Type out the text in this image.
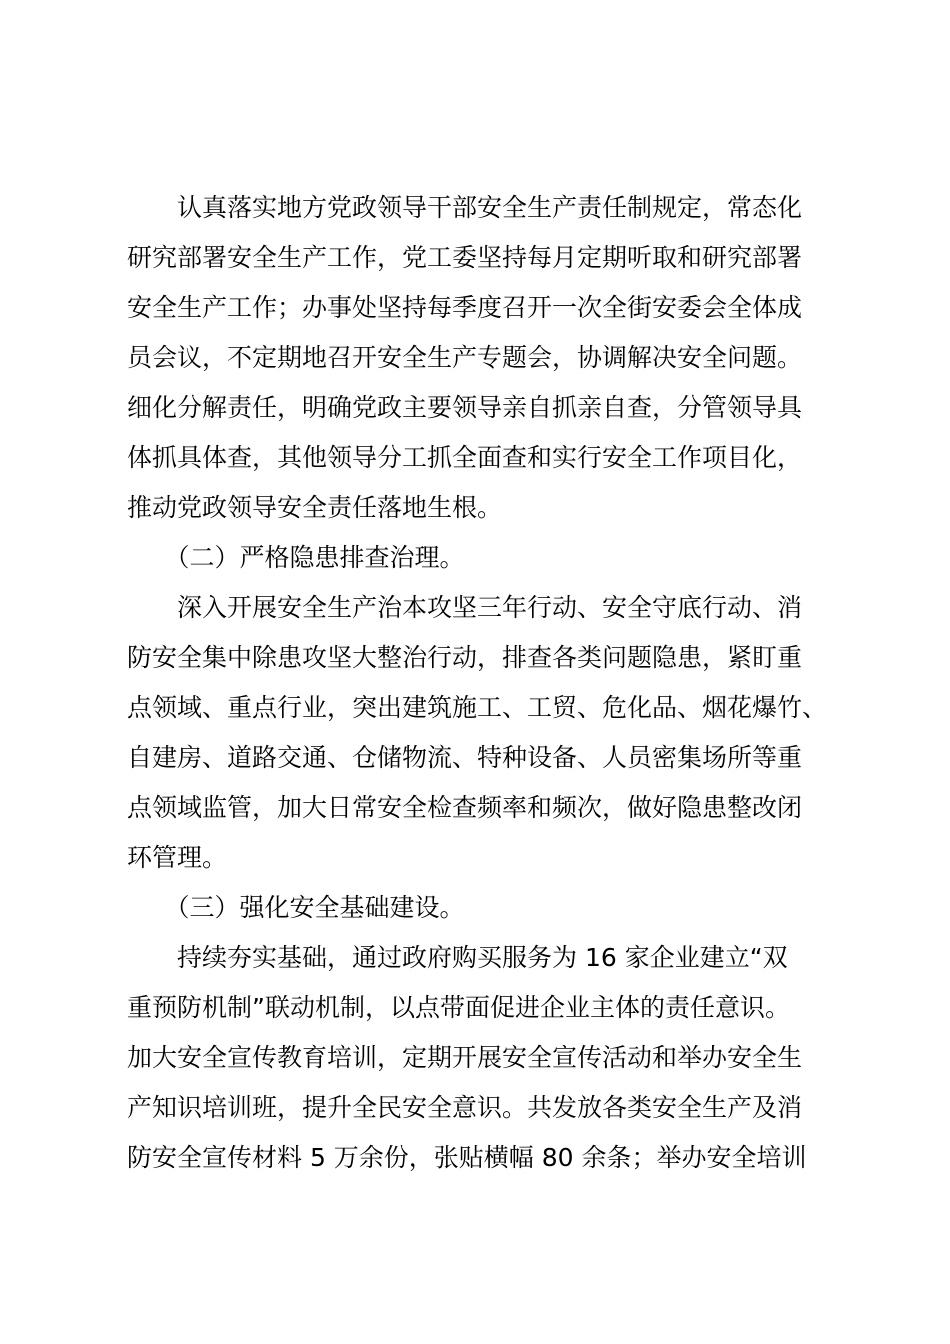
　　认真落实地方党政领导干部安全生产责任制规定，常态化
研究部署安全生产工作，党工委坚持每月定期听取和研究部署
安全生产工作；办事处坚持每季度召开一次全街安委会全体成
员会议，不定期地召开安全生产专题会，协调解决安全问题。
细化分解责任，明确党政主要领导亲自抓亲自查，分管领导具
体抓具体查，其他领导分工抓全面查和实行安全工作项目化，
推动党政领导安全责任落地生根。

　　（二）严格隐患排查治理。

　　深入开展安全生产治本攻坚三年行动、安全守底行动、消
防安全集中除患攻坚大整治行动，排查各类问题隐患，紧盯重
点领域、重点行业，突出建筑施工、工贸、危化品、烟花爆竹、
自建房、道路交通、仓储物流、特种设备、人员密集场所等重
点领域监管，加大日常安全检查频率和频次，做好隐患整改闭
环管理。

　　（三）强化安全基础建设。

　　持续夯实基础，通过政府购买服务为 16 家企业建立“双
重预防机制”联动机制，以点带面促进企业主体的责任意识。
加大安全宣传教育培训，定期开展安全宣传活动和举办安全生
产知识培训班，提升全民安全意识。共发放各类安全生产及消
防安全宣传材料 5 万余份，张贴横幅 80 余条；举办安全培训
